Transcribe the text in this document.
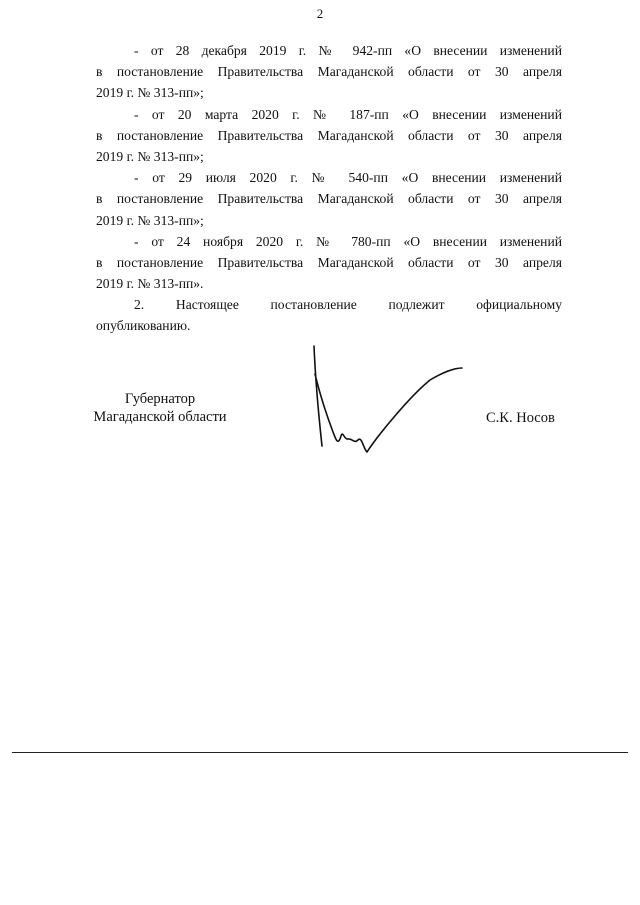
2
- от 28 декабря 2019 г. № 942-пп «О внесении изменений
в постановление Правительства Магаданской области от 30 апреля
2019 г. № 313-пп»;
- от 20 марта 2020 г. № 187-пп «О внесении изменений
в постановление Правительства Магаданской области от 30 апреля
2019 г. № 313-пп»;
- от 29 июля 2020 г. № 540-пп «О внесении изменений
в постановление Правительства Магаданской области от 30 апреля
2019 г. № 313-пп»;
- от 24 ноября 2020 г. № 780-пп «О внесении изменений
в постановление Правительства Магаданской области от 30 апреля
2019 г. № 313-пп».
2. Настоящее постановление подлежит официальному
опубликованию.
Губернатор
Магаданской области	С.К. Носов
